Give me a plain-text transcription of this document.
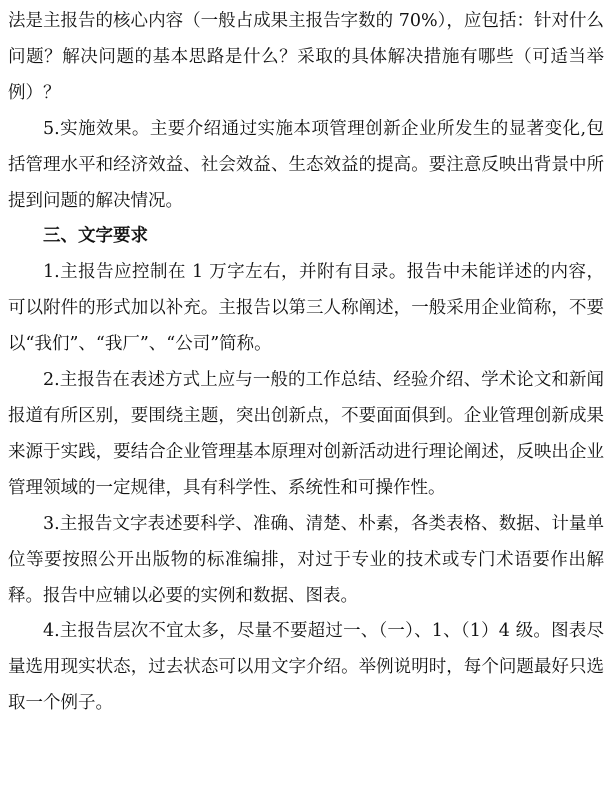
法是主报告的核心内容（一般占成果主报告字数的 70%），应包括：针对什么问题？解决问题的基本思路是什么？采取的具体解决措施有哪些（可适当举例）？

5.实施效果。主要介绍通过实施本项管理创新企业所发生的显著变化,包括管理水平和经济效益、社会效益、生态效益的提高。要注意反映出背景中所提到问题的解决情况。

三、文字要求

1.主报告应控制在 1 万字左右，并附有目录。报告中未能详述的内容，可以附件的形式加以补充。主报告以第三人称阐述，一般采用企业简称，不要以“我们”、“我厂”、“公司”简称。

2.主报告在表述方式上应与一般的工作总结、经验介绍、学术论文和新闻报道有所区别，要围绕主题，突出创新点，不要面面俱到。企业管理创新成果来源于实践，要结合企业管理基本原理对创新活动进行理论阐述，反映出企业管理领域的一定规律，具有科学性、系统性和可操作性。

3.主报告文字表述要科学、准确、清楚、朴素，各类表格、数据、计量单位等要按照公开出版物的标准编排，对过于专业的技术或专门术语要作出解释。报告中应辅以必要的实例和数据、图表。

4.主报告层次不宜太多，尽量不要超过一、（一）、1、（1）4 级。图表尽量选用现实状态，过去状态可以用文字介绍。举例说明时，每个问题最好只选取一个例子。
